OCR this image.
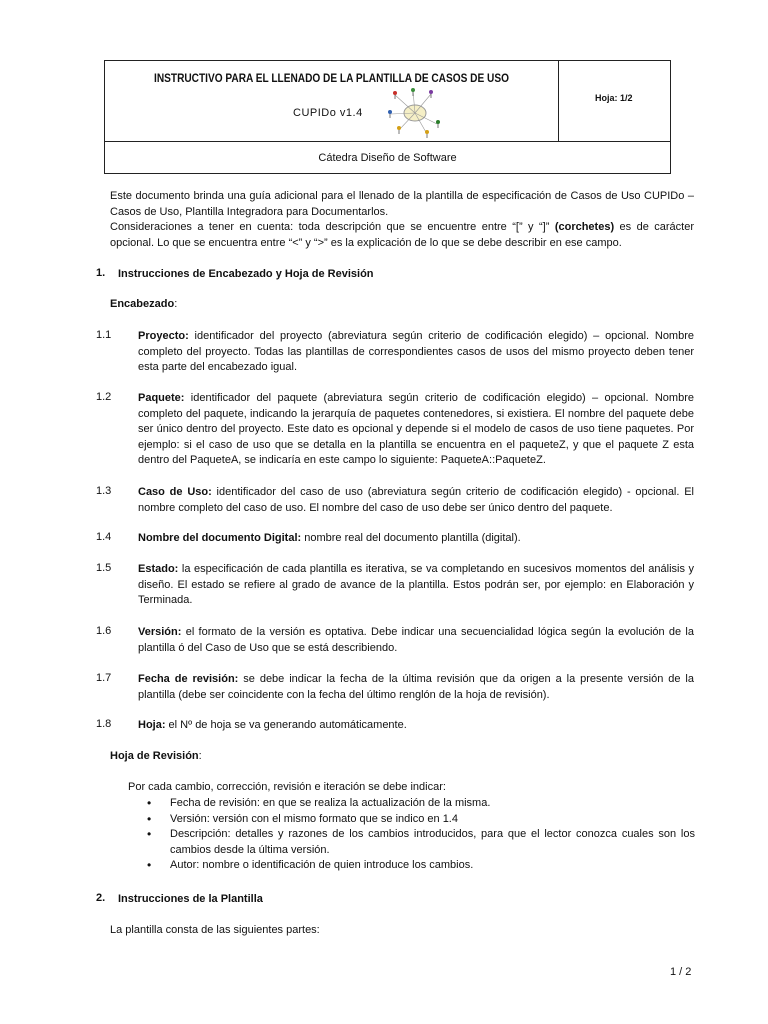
INSTRUCTIVO PARA EL LLENADO DE LA PLANTILLA DE CASOS DE USO
CUPIDo v1.4
Hoja: 1/2
Cátedra Diseño de Software
Este documento brinda una guía adicional para el llenado de la plantilla de especificación de Casos de Uso CUPIDo – Casos de Uso, Plantilla Integradora para Documentarlos.
Consideraciones a tener en cuenta: toda descripción que se encuentre entre “[” y “]” (corchetes) es de carácter opcional. Lo que se encuentra entre “<” y “>” es la explicación de lo que se debe describir en ese campo.
1. Instrucciones de Encabezado y Hoja de Revisión
Encabezado:
1.1 Proyecto: identificador del proyecto (abreviatura según criterio de codificación elegido) – opcional. Nombre completo del proyecto. Todas las plantillas de correspondientes casos de usos del mismo proyecto deben tener esta parte del encabezado igual.
1.2 Paquete: identificador del paquete (abreviatura según criterio de codificación elegido) – opcional. Nombre completo del paquete, indicando la jerarquía de paquetes contenedores, si existiera. El nombre del paquete debe ser único dentro del proyecto. Este dato es opcional y depende si el modelo de casos de uso tiene paquetes. Por ejemplo: si el caso de uso que se detalla en la plantilla se encuentra en el paqueteZ, y que el paquete Z esta dentro del PaqueteA, se indicaría en este campo lo siguiente: PaqueteA::PaqueteZ.
1.3 Caso de Uso: identificador del caso de uso (abreviatura según criterio de codificación elegido) - opcional. El nombre completo del caso de uso. El nombre del caso de uso debe ser único dentro del paquete.
1.4 Nombre del documento Digital: nombre real del documento plantilla (digital).
1.5 Estado: la especificación de cada plantilla es iterativa, se va completando en sucesivos momentos del análisis y diseño. El estado se refiere al grado de avance de la plantilla. Estos podrán ser, por ejemplo: en Elaboración y Terminada.
1.6 Versión: el formato de la versión es optativa. Debe indicar una secuencialidad lógica según la evolución de la plantilla ó del Caso de Uso que se está describiendo.
1.7 Fecha de revisión: se debe indicar la fecha de la última revisión que da origen a la presente versión de la plantilla (debe ser coincidente con la fecha del último renglón de la hoja de revisión).
1.8 Hoja: el Nº de hoja se va generando automáticamente.
Hoja de Revisión:
Por cada cambio, corrección, revisión e iteración se debe indicar:
• Fecha de revisión: en que se realiza la actualización de la misma.
• Versión: versión con el mismo formato que se indico en 1.4
• Descripción: detalles y razones de los cambios introducidos, para que el lector conozca cuales son los cambios desde la última versión.
• Autor: nombre o identificación de quien introduce los cambios.
2. Instrucciones de la Plantilla
La plantilla consta de las siguientes partes:
1 / 2
